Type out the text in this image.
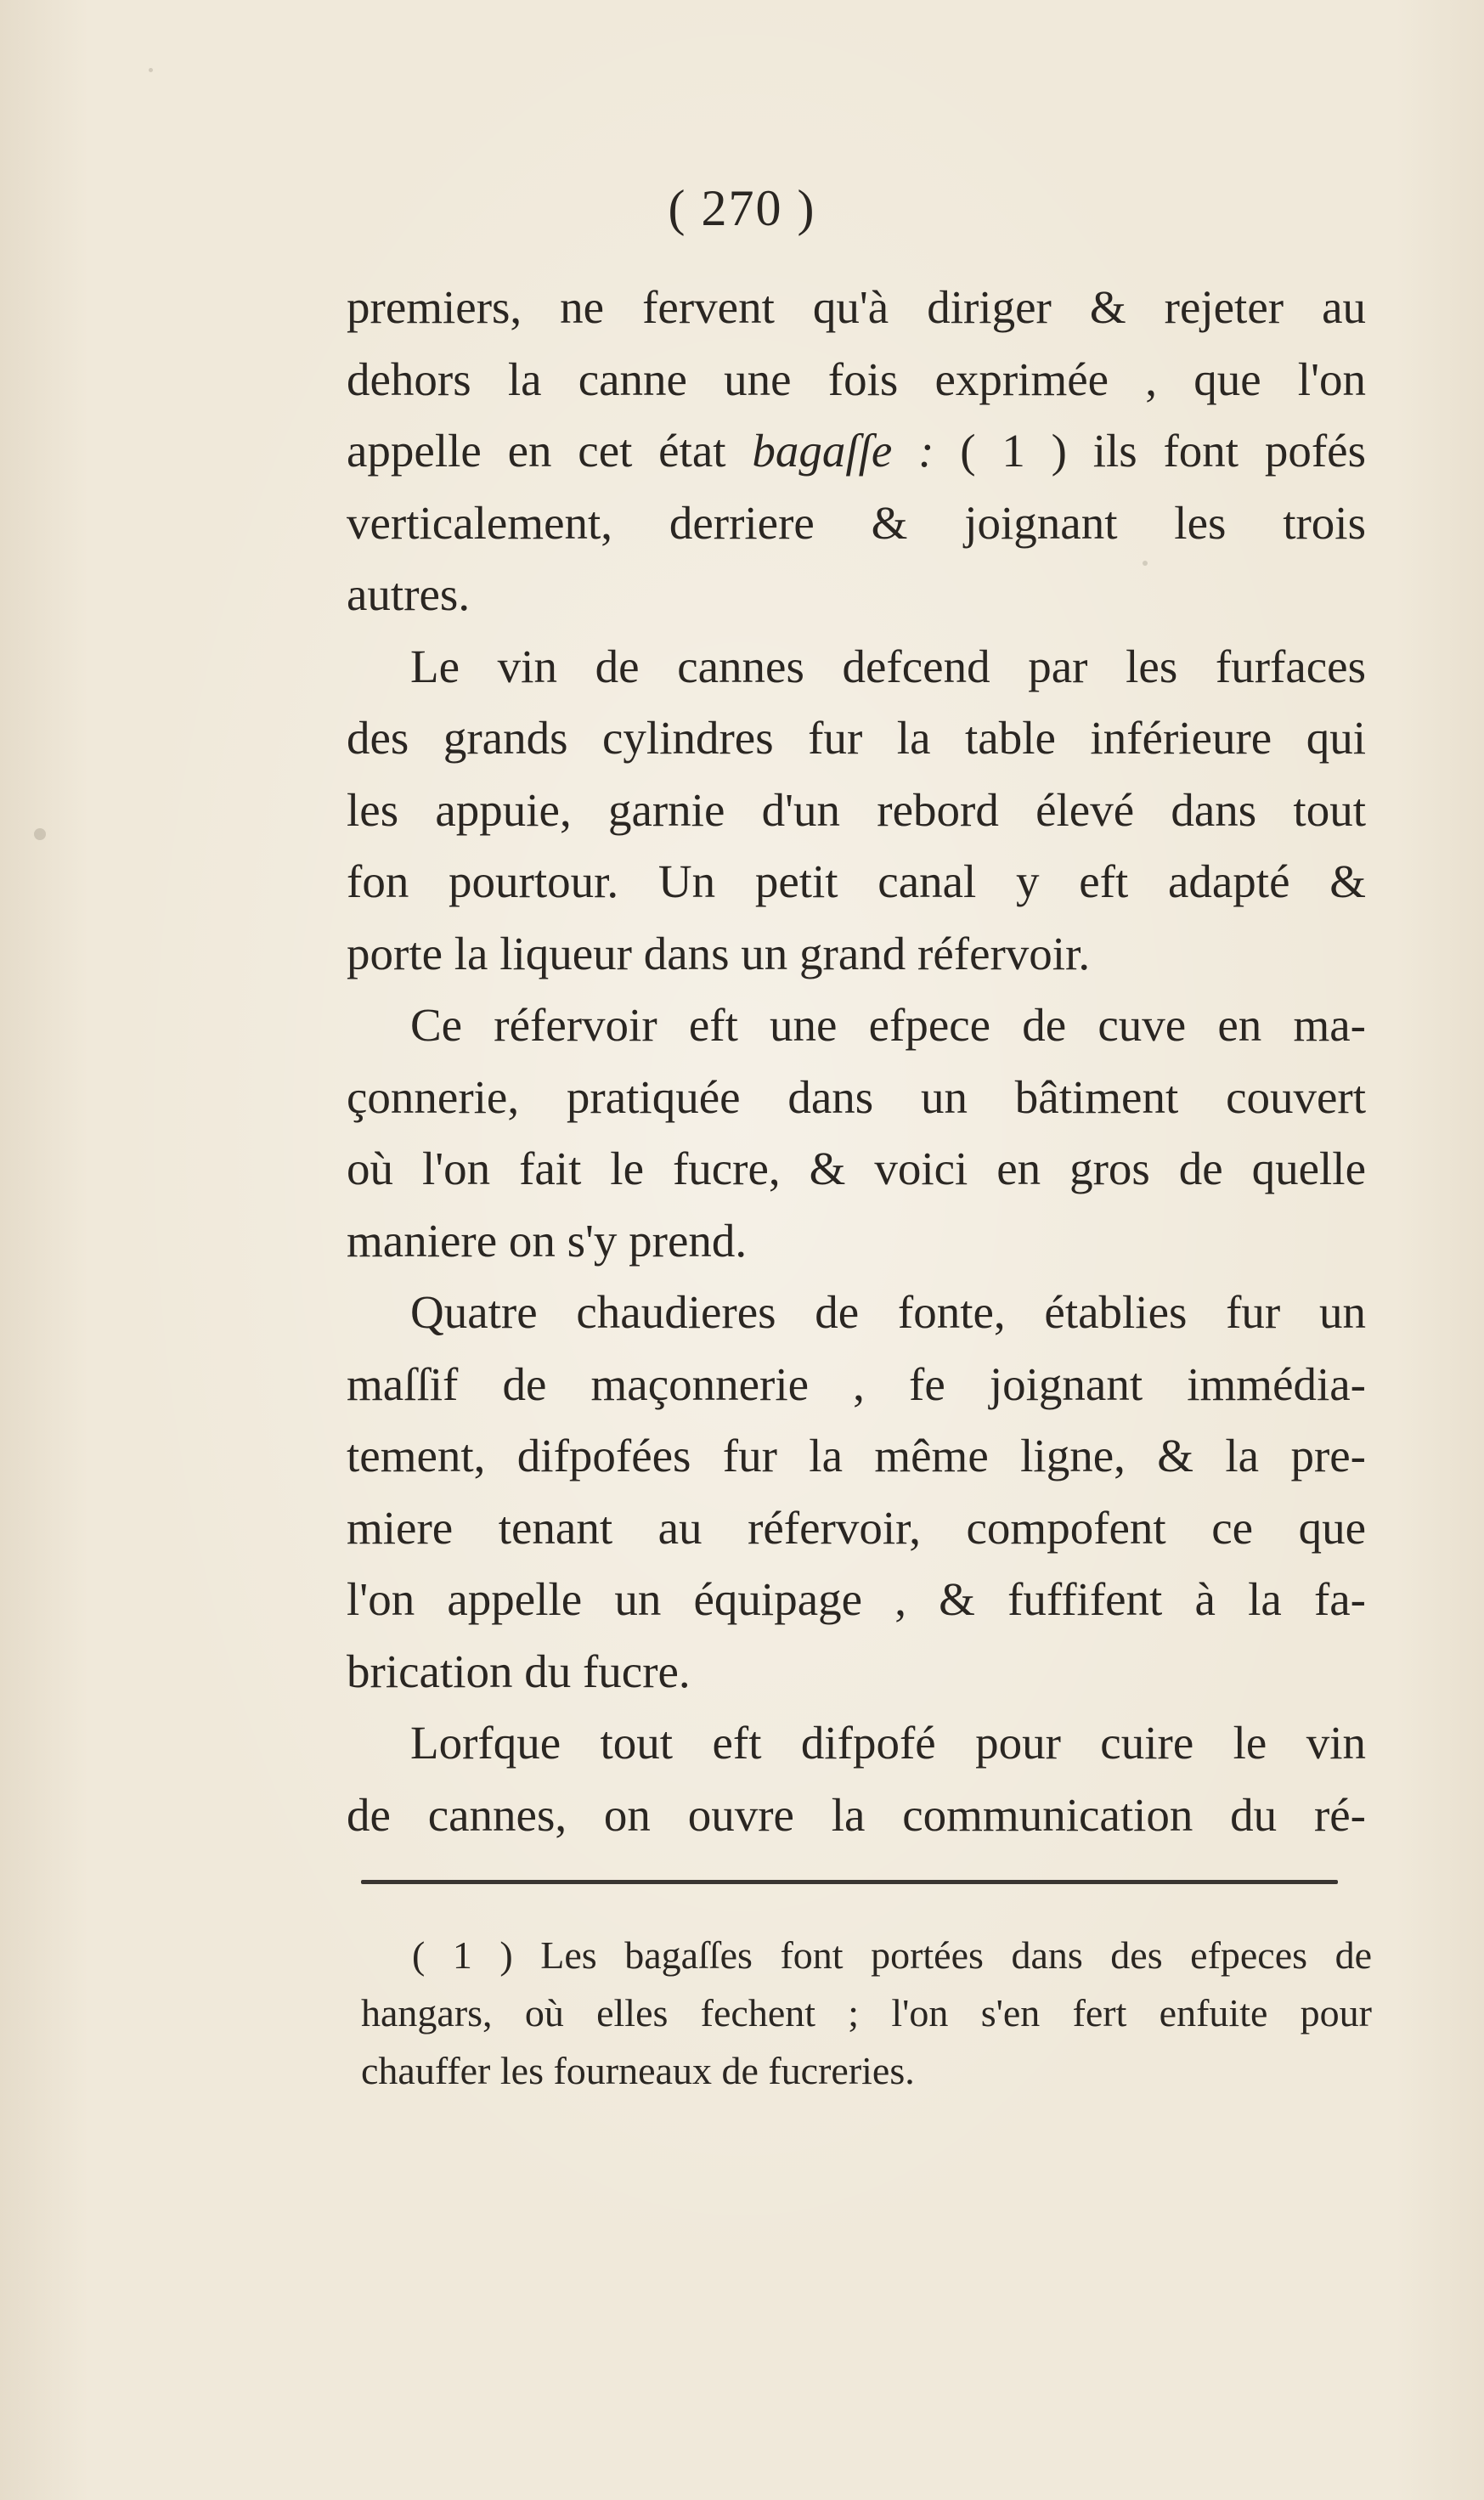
( 270 )
premiers, ne fervent qu'à diriger & rejeter au
dehors la canne une fois exprimée , que l'on
appelle en cet état bagaſſe : ( 1 ) ils font pofés
verticalement, derriere & joignant les trois
autres.
Le vin de cannes defcend par les furfaces
des grands cylindres fur la table inférieure qui
les appuie, garnie d'un rebord élevé dans tout
fon pourtour. Un petit canal y eft adapté &
porte la liqueur dans un grand réfervoir.
Ce réfervoir eft une efpece de cuve en ma-
çonnerie, pratiquée dans un bâtiment couvert
où l'on fait le fucre, & voici en gros de quelle
maniere on s'y prend.
Quatre chaudieres de fonte, établies fur un
maſſif de maçonnerie , fe joignant immédia-
tement, difpofées fur la même ligne, & la pre-
miere tenant au réfervoir, compofent ce que
l'on appelle un équipage , & fuffifent à la fa-
brication du fucre.
Lorfque tout eft difpofé pour cuire le vin
de cannes, on ouvre la communication du ré-
( 1 ) Les bagaſſes font portées dans des efpeces de
hangars, où elles fechent ; l'on s'en fert enfuite pour
chauffer les fourneaux de fucreries.
